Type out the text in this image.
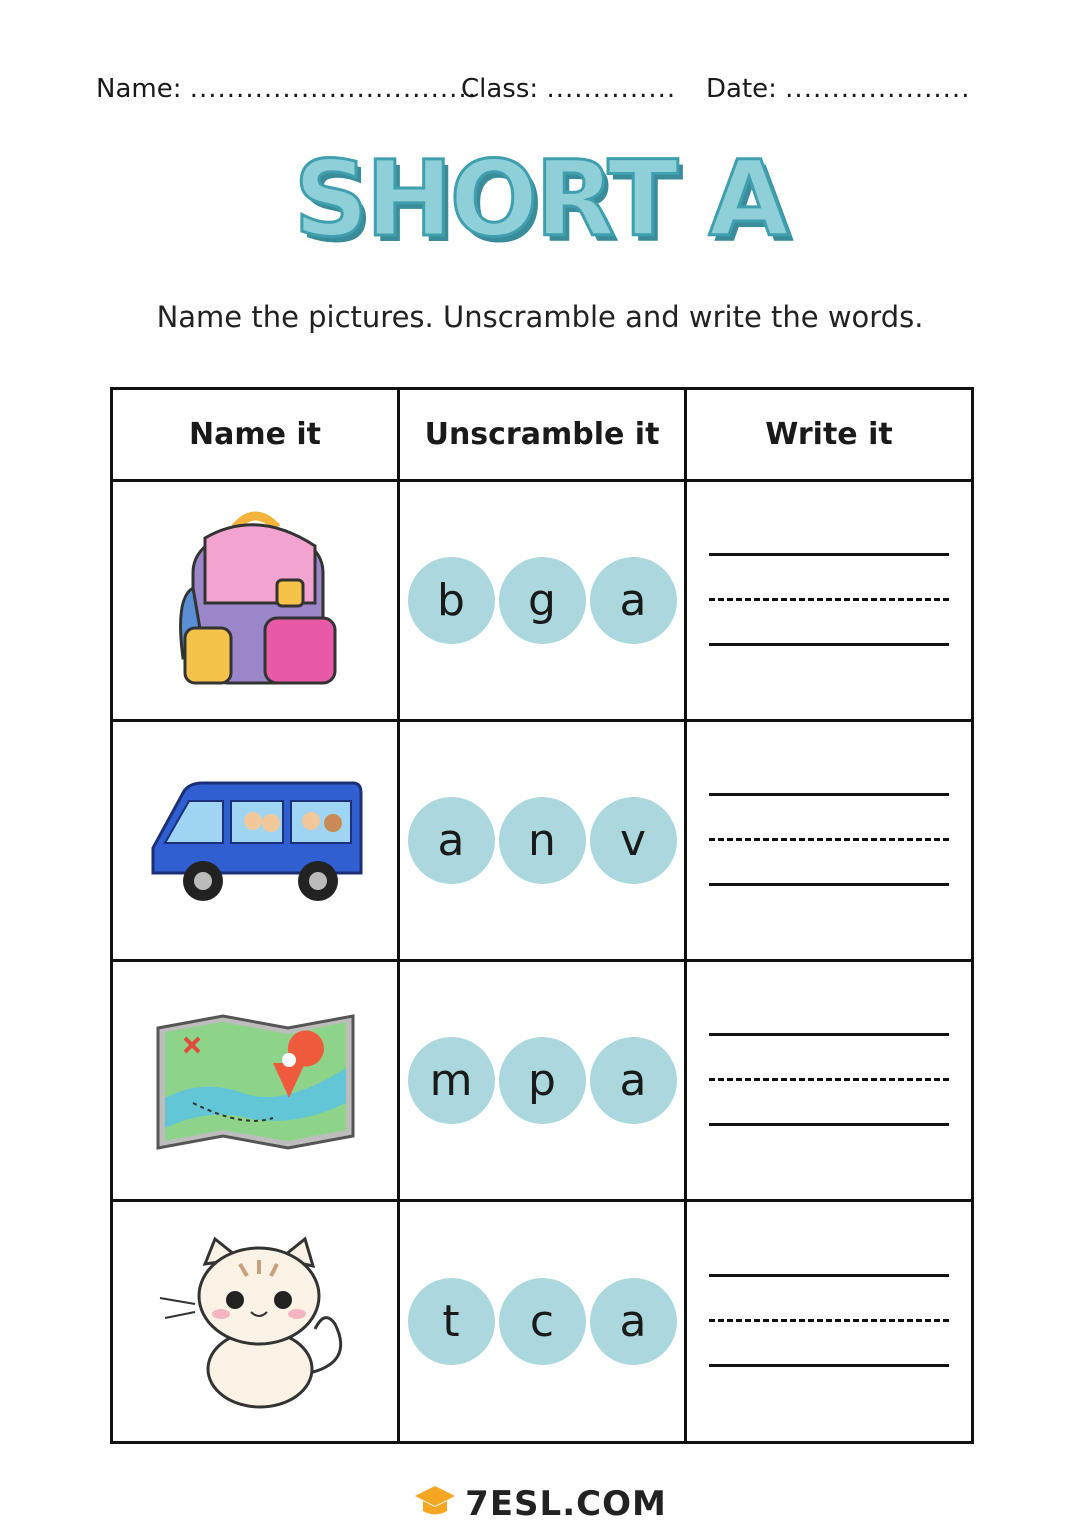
Name: ...............................
Class: .............. Date: ....................
SHORT A
Name the pictures. Unscramble and write the words.
Name it	Unscramble it	Write it
b	g	a
a	n	v
m	p	a
t	c	a
7ESL.COM
